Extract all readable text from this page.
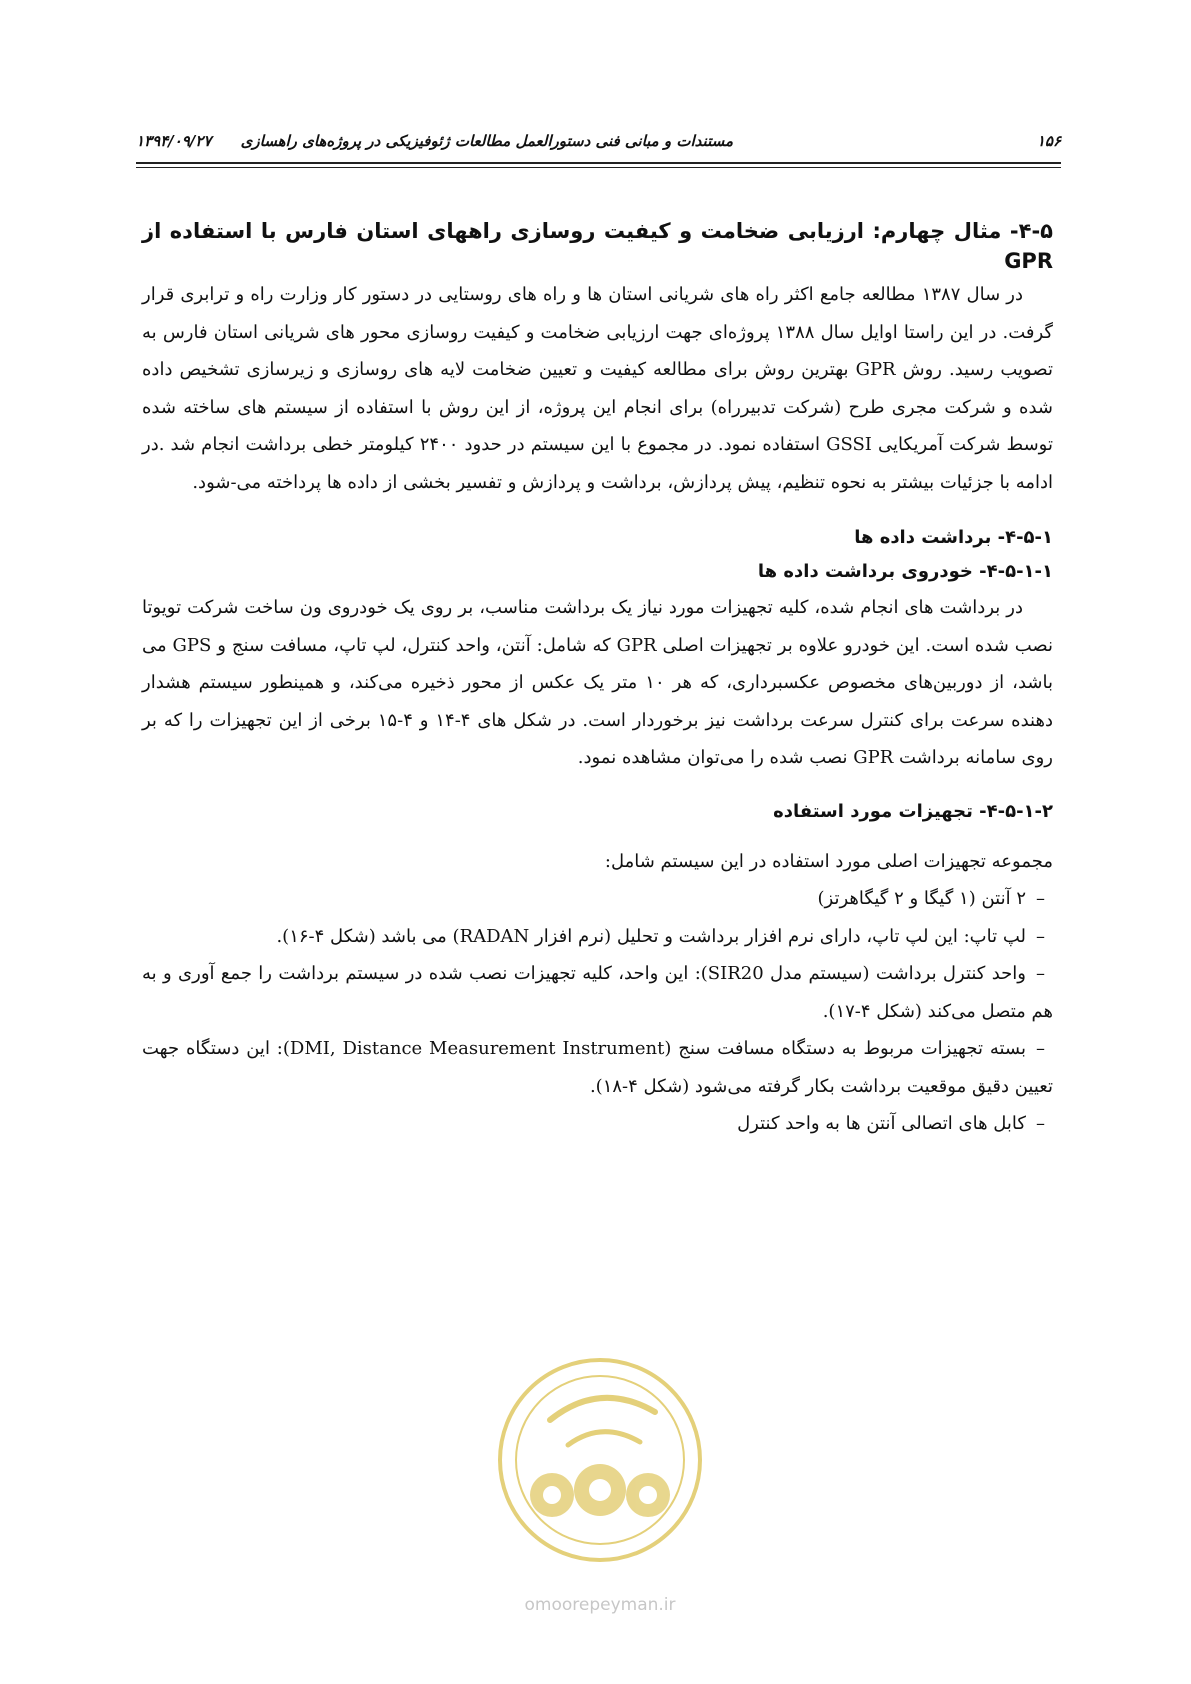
۱۵۶
مستندات و مبانی فنی دستورالعمل مطالعات ژئوفیزیکی در پروژه‌های راهسازی ۱۳۹۴/۰۹/۲۷

۴-۵- مثال چهارم: ارزیابی ضخامت و کیفیت روسازی راههای استان فارس با استفاده از GPR

در سال ۱۳۸۷ مطالعه جامع اکثر راه های شریانی استان ها و راه های روستایی در دستور کار وزارت راه و ترابری قرار گرفت. در این راستا اوایل سال ۱۳۸۸ پروژه‌ای جهت ارزیابی ضخامت و کیفیت روسازی محور های شریانی استان فارس به تصویب رسید. روش GPR بهترین روش برای مطالعه کیفیت و تعیین ضخامت لایه های روسازی و زیرسازی تشخیص داده شده و شرکت مجری طرح (شرکت تدبیرراه) برای انجام این پروژه، از این روش با استفاده از سیستم های ساخته شده توسط شرکت آمریکایی GSSI استفاده نمود. در مجموع با این سیستم در حدود ۲۴۰۰ کیلومتر خطی برداشت انجام شد .در ادامه با جزئیات بیشتر به نحوه تنظیم، پیش پردازش، برداشت و پردازش و تفسیر بخشی از داده ها پرداخته می-شود.

۴-۵-۱- برداشت داده ها

۴-۵-۱-۱- خودروی برداشت داده ها

در برداشت های انجام شده، کلیه تجهیزات مورد نیاز یک برداشت مناسب، بر روی یک خودروی ون ساخت شرکت تویوتا نصب شده است. این خودرو علاوه بر تجهیزات اصلی GPR که شامل: آنتن، واحد کنترل، لپ تاپ، مسافت سنج و GPS می باشد، از دوربین‌های مخصوص عکسبرداری، که هر ۱۰ متر یک عکس از محور ذخیره می‌کند، و همینطور سیستم هشدار دهنده سرعت برای کنترل سرعت برداشت نیز برخوردار است. در شکل های ۴-۱۴ و ۴-۱۵ برخی از این تجهیزات را که بر روی سامانه برداشت GPR نصب شده را می‌توان مشاهده نمود.

۴-۵-۱-۲- تجهیزات مورد استفاده

مجموعه تجهیزات اصلی مورد استفاده در این سیستم شامل:

–۲ آنتن (۱ گیگا و ۲ گیگاهرتز)
–لپ تاپ: این لپ تاپ، دارای نرم افزار برداشت و تحلیل (نرم افزار RADAN) می باشد (شکل ۴-۱۶).
–واحد کنترل برداشت (سیستم مدل SIR20): این واحد، کلیه تجهیزات نصب شده در سیستم برداشت را جمع آوری و به هم متصل می‌کند (شکل ۴-۱۷).
–بسته تجهیزات مربوط به دستگاه مسافت سنج (DMI, Distance Measurement Instrument): این دستگاه جهت تعیین دقیق موقعیت برداشت بکار گرفته می‌شود (شکل ۴-۱۸).
–کابل های اتصالی آنتن ها به واحد کنترل
omoorepeyman.ir
